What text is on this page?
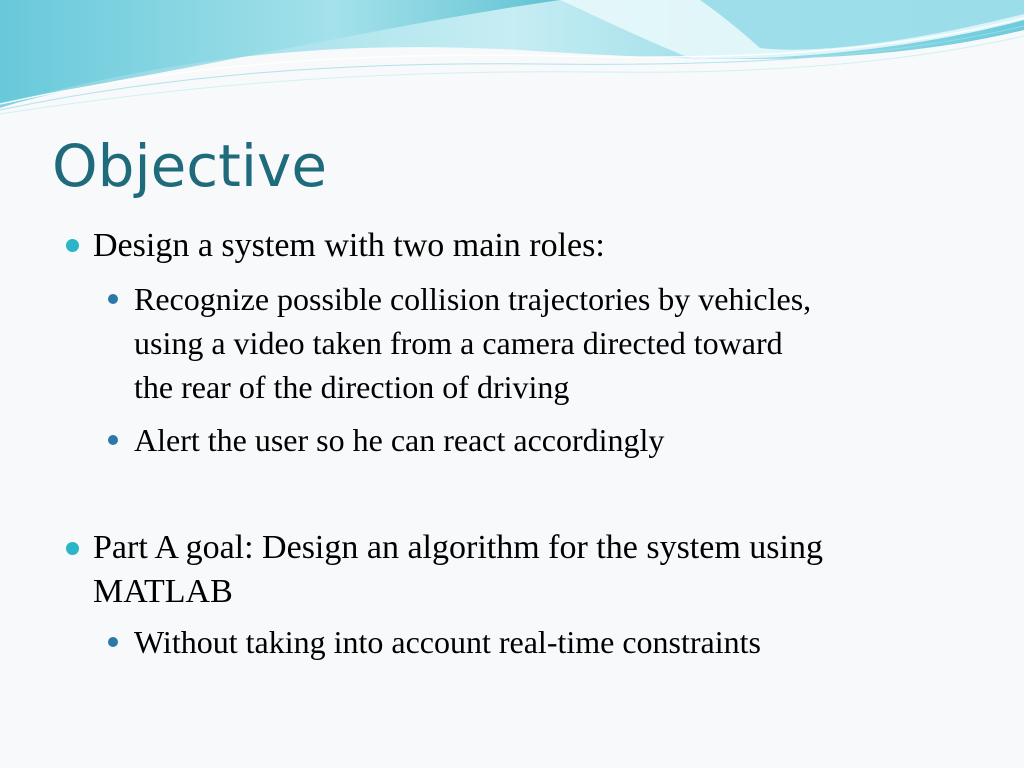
Objective

Design a system with two main roles:

Recognize possible collision trajectories by vehicles,

using a video taken from a camera directed toward

the rear of the direction of driving

Alert the user so he can react accordingly

Part A goal: Design an algorithm for the system using

MATLAB

Without taking into account real-time constraints
